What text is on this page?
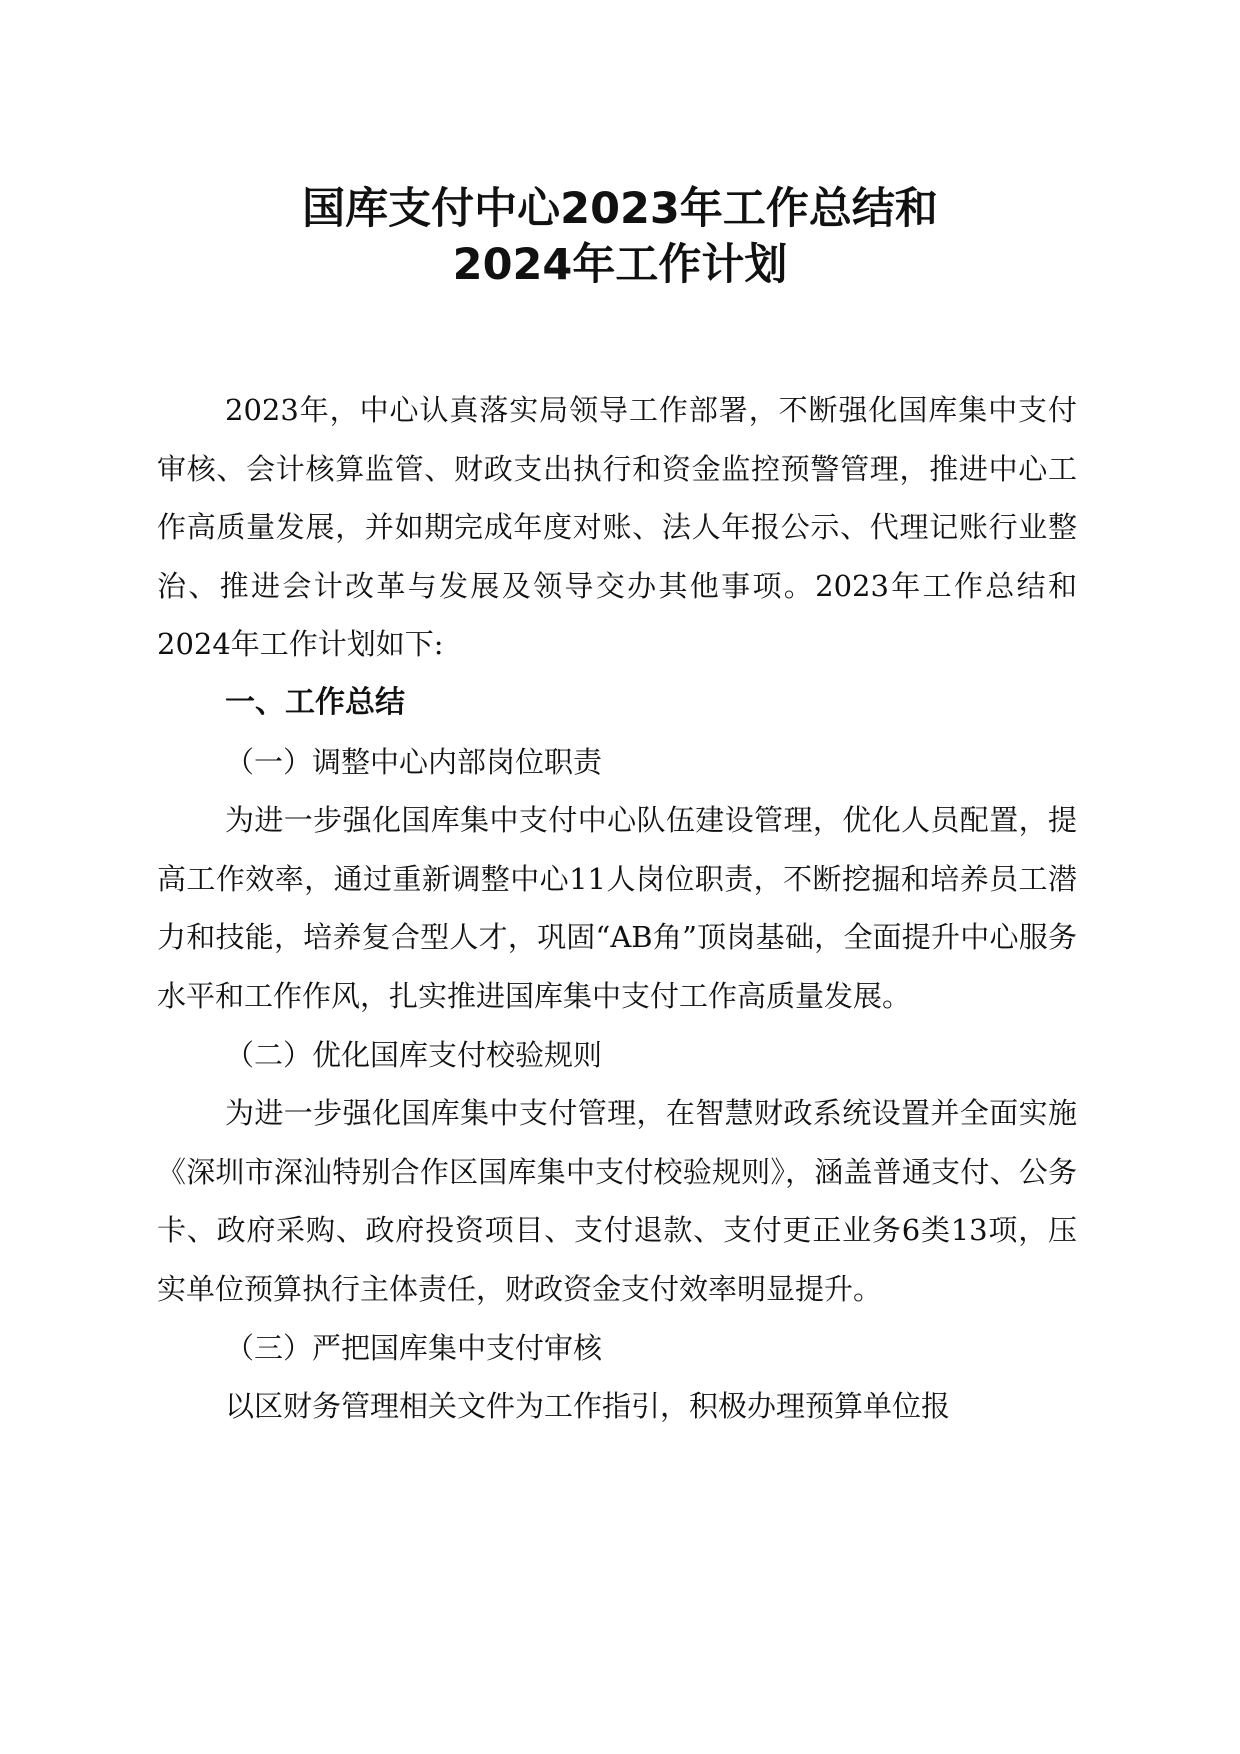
国库支付中心2023年工作总结和
2024年工作计划

2023年，中心认真落实局领导工作部署，不断强化国库集中支付审核、会计核算监管、财政支出执行和资金监控预警管理，推进中心工作高质量发展，并如期完成年度对账、法人年报公示、代理记账行业整治、推进会计改革与发展及领导交办其他事项。2023年工作总结和2024年工作计划如下:

一、工作总结

（一）调整中心内部岗位职责

为进一步强化国库集中支付中心队伍建设管理，优化人员配置，提高工作效率，通过重新调整中心11人岗位职责，不断挖掘和培养员工潜力和技能，培养复合型人才，巩固“AB角”顶岗基础，全面提升中心服务水平和工作作风，扎实推进国库集中支付工作高质量发展。

（二）优化国库支付校验规则

为进一步强化国库集中支付管理，在智慧财政系统设置并全面实施《深圳市深汕特别合作区国库集中支付校验规则》，涵盖普通支付、公务卡、政府采购、政府投资项目、支付退款、支付更正业务6类13项，压实单位预算执行主体责任，财政资金支付效率明显提升。

（三）严把国库集中支付审核

以区财务管理相关文件为工作指引，积极办理预算单位报
